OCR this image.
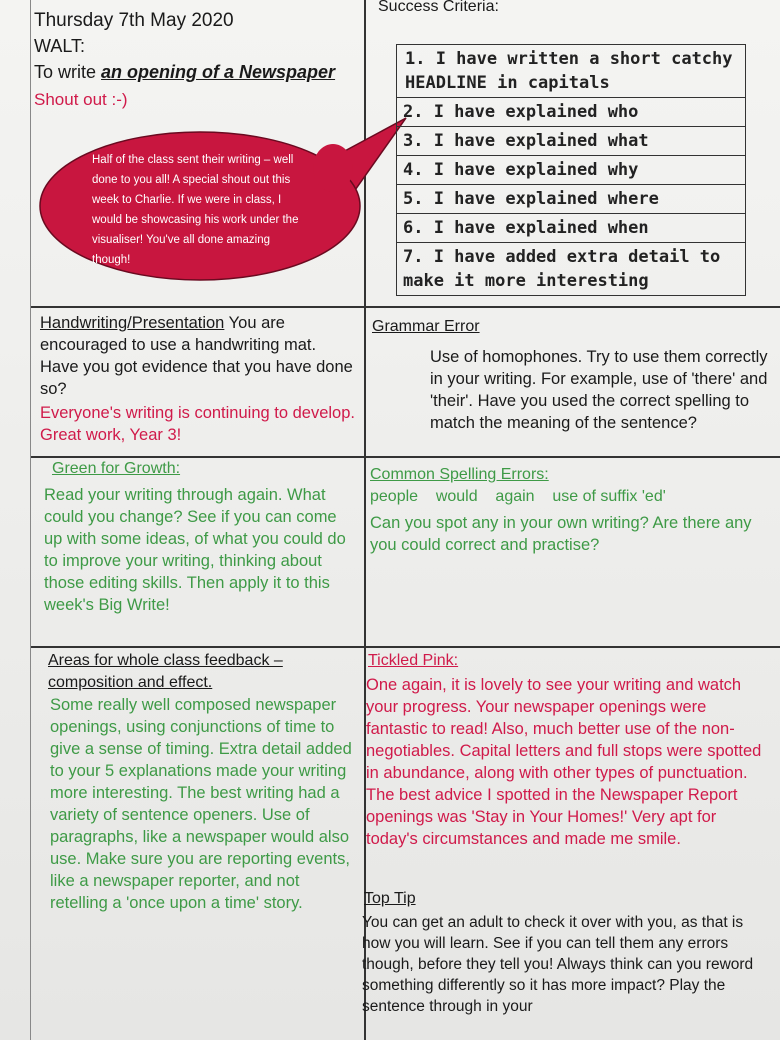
Thursday 7th May 2020

WALT:

To write an opening of a Newspaper

Shout out :-)

Half of the class sent their writing – well done to you all! A special shout out this week to Charlie. If we were in class, I would be showcasing his work under the visualiser! You've all done amazing though!

Success Criteria:

1. I have written a short catchy HEADLINE in capitals
2. I have explained who
3. I have explained what
4. I have explained why
5. I have explained where
6. I have explained when
7. I have added extra detail to make it more interesting
Handwriting/Presentation You are encouraged to use a handwriting mat. Have you got evidence that you have done so?
Everyone's writing is continuing to develop. Great work, Year 3!

Grammar Error

Use of homophones. Try to use them correctly in your writing. For example, use of 'there' and 'their'. Have you used the correct spelling to match the meaning of the sentence?

Green for Growth:

Read your writing through again. What could you change? See if you can come up with some ideas, of what you could do to improve your writing, thinking about those editing skills. Then apply it to this week's Big Write!

Common Spelling Errors:

people    would    again    use of suffix 'ed'

Can you spot any in your own writing? Are there any you could correct and practise?

Areas for whole class feedback – composition and effect.

Some really well composed newspaper openings, using conjunctions of time to give a sense of timing. Extra detail added to your 5 explanations made your writing more interesting. The best writing had a variety of sentence openers. Use of paragraphs, like a newspaper would also use. Make sure you are reporting events, like a newspaper reporter, and not retelling a 'once upon a time' story.

Tickled Pink:

One again, it is lovely to see your writing and watch your progress. Your newspaper openings were fantastic to read! Also, much better use of the non-negotiables. Capital letters and full stops were spotted in abundance, along with other types of punctuation. The best advice I spotted in the Newspaper Report openings was 'Stay in Your Homes!' Very apt for today's circumstances and made me smile.

Top Tip

You can get an adult to check it over with you, as that is how you will learn. See if you can tell them any errors though, before they tell you! Always think can you reword something differently so it has more impact? Play the sentence through in your
